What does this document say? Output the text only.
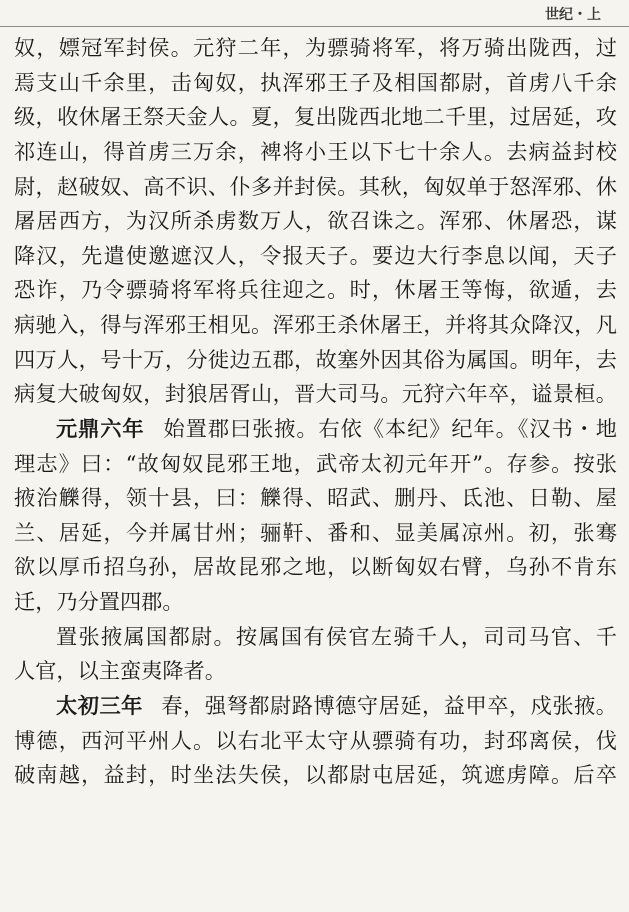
世纪・上
奴，嫖冠军封侯。元狩二年，为骠骑将军，将万骑出陇西，过
焉支山千余里，击匈奴，执浑邪王子及相国都尉，首虏八千余
级，收休屠王祭天金人。夏，复出陇西北地二千里，过居延，攻
祁连山，得首虏三万余，裨将小王以下七十余人。去病益封校
尉，赵破奴、高不识、仆多并封侯。其秋，匈奴单于怒浑邪、休
屠居西方，为汉所杀虏数万人，欲召诛之。浑邪、休屠恐，谋
降汉，先遣使邀遮汉人，令报天子。要边大行李息以闻，天子
恐诈，乃令骠骑将军将兵往迎之。时，休屠王等悔，欲遁，去
病驰入，得与浑邪王相见。浑邪王杀休屠王，并将其众降汉，凡
四万人，号十万，分徙边五郡，故塞外因其俗为属国。明年，去
病复大破匈奴，封狼居胥山，晋大司马。元狩六年卒，谥景桓。
元鼎六年 始置郡曰张掖。右依《本纪》纪年。《汉书・地
理志》曰：“故匈奴昆邪王地，武帝太初元年开”。存参。按张
掖治觻得，领十县，曰：觻得、昭武、删丹、氐池、日勒、屋
兰、居延，今并属甘州；骊靬、番和、显美属凉州。初，张骞
欲以厚币招乌孙，居故昆邪之地，以断匈奴右臂，乌孙不肯东
迁，乃分置四郡。
置张掖属国都尉。按属国有侯官左骑千人，司司马官、千
人官，以主蛮夷降者。
太初三年 春，强弩都尉路博德守居延，益甲卒，戍张掖。
博德，西河平州人。以右北平太守从骠骑有功，封邳离侯，伐
破南越，益封，时坐法失侯，以都尉屯居延，筑遮虏障。后卒
